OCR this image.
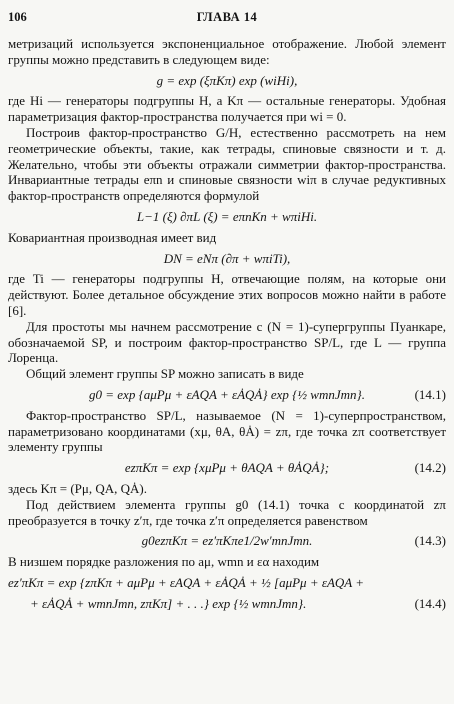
106	ГЛАВА 14

метризаций используется экспоненциальное отображение. Любой элемент группы можно представить в следующем виде:

g = exp (ξπKπ) exp (wiHi),

где Hi — генераторы подгруппы H, а Kπ — остальные генераторы. Удобная параметризация фактор-пространства получается при wi = 0.

Построив фактор-пространство G/H, естественно рассмотреть на нем геометрические объекты, такие, как тетрады, спиновые связности и т. д. Желательно, чтобы эти объекты отражали симметрии фактор-пространства. Инвариантные тетрады eπn и спиновые связности wiπ в случае редуктивных фактор-пространств определяются формулой

L−1 (ξ) ∂πL (ξ) = eπnKn + wπiHi.

Ковариантная производная имеет вид

DN = eNπ (∂π + wπiTi),

где Ti — генераторы подгруппы H, отвечающие полям, на которые они действуют. Более детальное обсуждение этих вопросов можно найти в работе [6].

Для простоты мы начнем рассмотрение с (N = 1)-супергруппы Пуанкаре, обозначаемой SP, и построим фактор-пространство SP/L, где L — группа Лоренца.

Общий элемент группы SP можно записать в виде

g0 = exp {aμPμ + εAQA + εȦQȦ} exp {½ wmnJmn}.	(14.1)

Фактор-пространство SP/L, называемое (N = 1)-суперпространством, параметризовано координатами (xμ, θA, θȦ) = zπ, где точка zπ соответствует элементу группы

ezπKπ = exp {xμPμ + θAQA + θȦQȦ};	(14.2)

здесь Kπ = (Pμ, QA, QȦ).

Под действием элемента группы g0 (14.1) точка с координатой zπ преобразуется в точку z′π, где точка z′π определяется равенством

g0ezπKπ = ez′πKπe1/2w′mnJmn.	(14.3)

В низшем порядке разложения по aμ, wmn и εα находим

ez′πKπ = exp {zπKπ + aμPμ + εAQA + εȦQȦ + ½ [aμPμ + εAQA +
+ εȦQȦ + wmnJmn, zπKπ] + . . .} exp {½ wmnJmn}.	(14.4)
